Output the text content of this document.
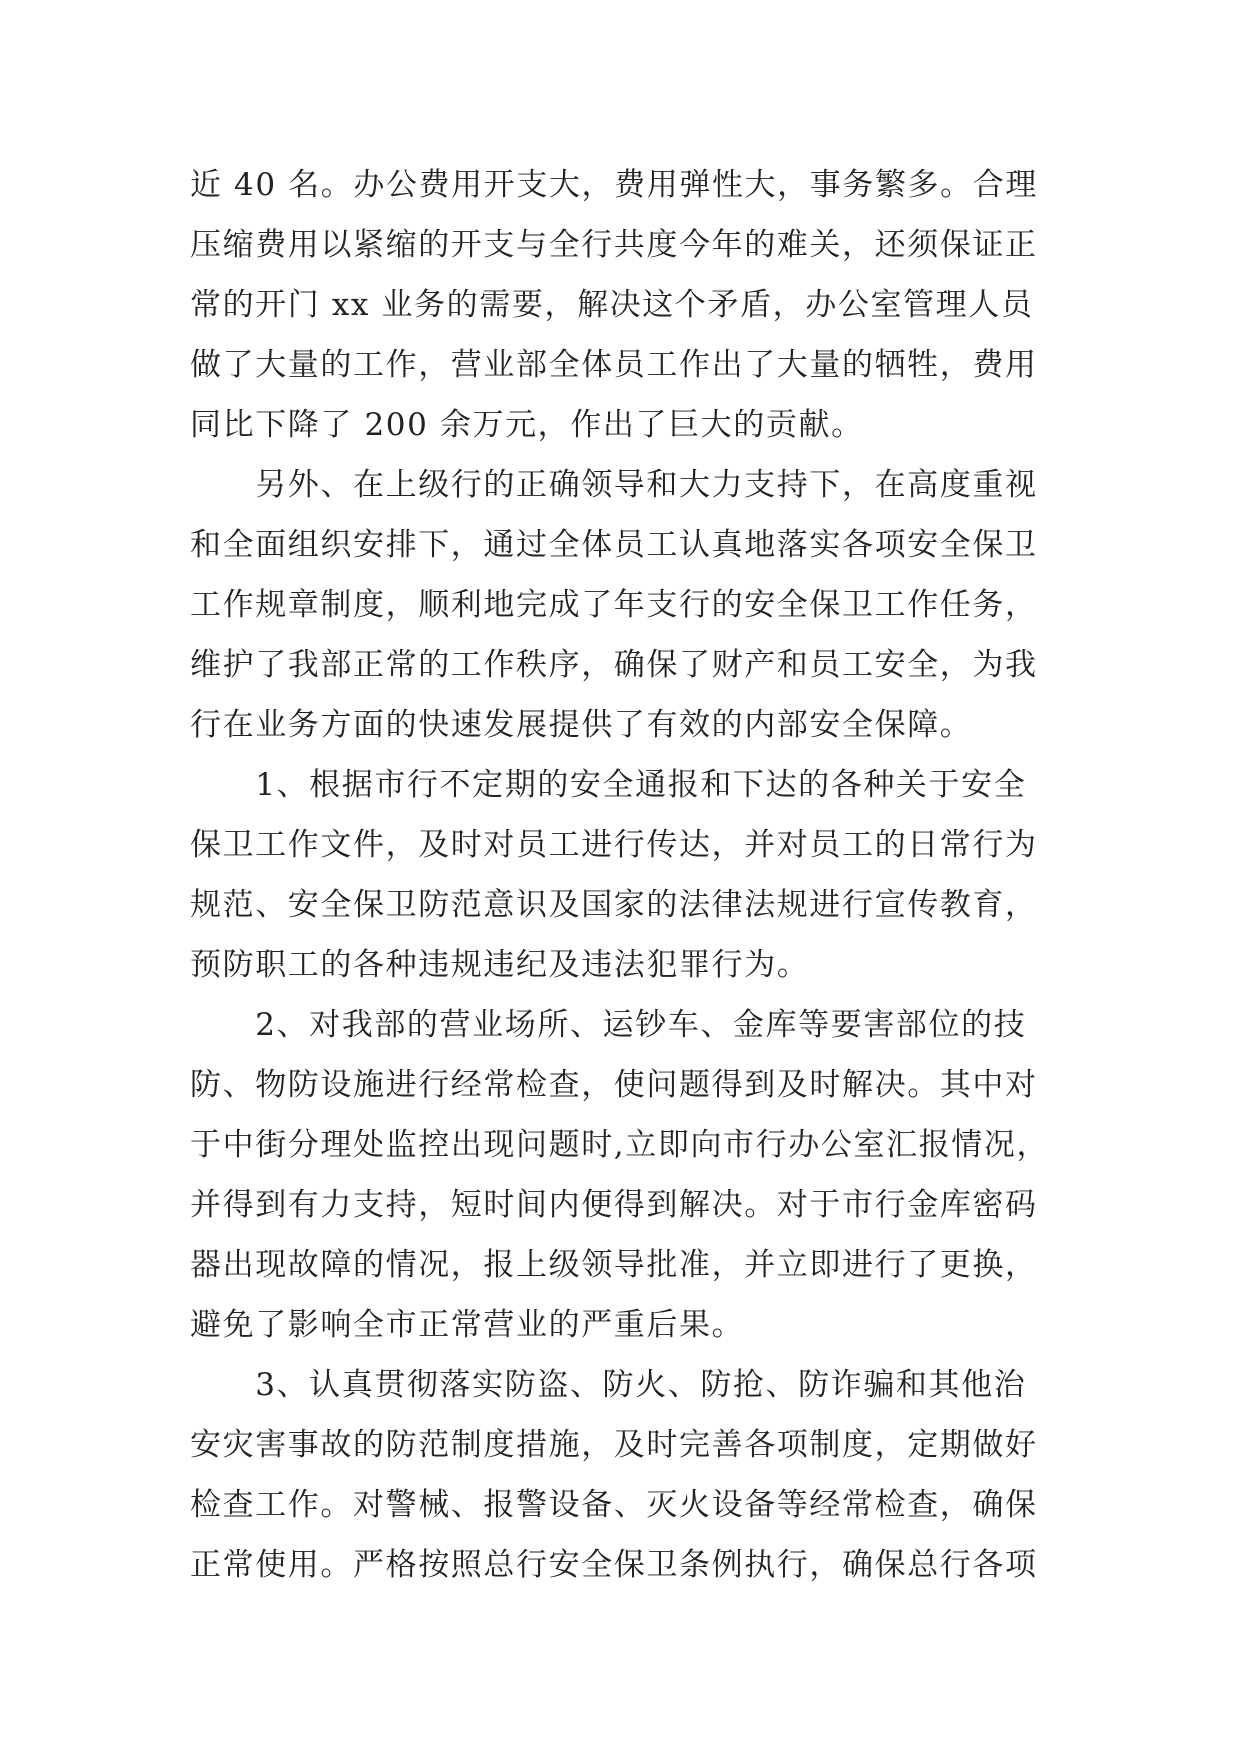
近 40 名。办公费用开支大，费用弹性大，事务繁多。合理
压缩费用以紧缩的开支与全行共度今年的难关，还须保证正
常的开门 xx 业务的需要，解决这个矛盾，办公室管理人员
做了大量的工作，营业部全体员工作出了大量的牺牲，费用
同比下降了 200 余万元，作出了巨大的贡献。
　　另外、在上级行的正确领导和大力支持下，在高度重视
和全面组织安排下，通过全体员工认真地落实各项安全保卫
工作规章制度，顺利地完成了年支行的安全保卫工作任务，
维护了我部正常的工作秩序，确保了财产和员工安全，为我
行在业务方面的快速发展提供了有效的内部安全保障。
　　1、根据市行不定期的安全通报和下达的各种关于安全
保卫工作文件，及时对员工进行传达，并对员工的日常行为
规范、安全保卫防范意识及国家的法律法规进行宣传教育，
预防职工的各种违规违纪及违法犯罪行为。
　　2、对我部的营业场所、运钞车、金库等要害部位的技
防、物防设施进行经常检查，使问题得到及时解决。其中对
于中街分理处监控出现问题时,立即向市行办公室汇报情况，
并得到有力支持，短时间内便得到解决。对于市行金库密码
器出现故障的情况，报上级领导批准，并立即进行了更换，
避免了影响全市正常营业的严重后果。
　　3、认真贯彻落实防盗、防火、防抢、防诈骗和其他治
安灾害事故的防范制度措施，及时完善各项制度，定期做好
检查工作。对警械、报警设备、灭火设备等经常检查，确保
正常使用。严格按照总行安全保卫条例执行，确保总行各项
